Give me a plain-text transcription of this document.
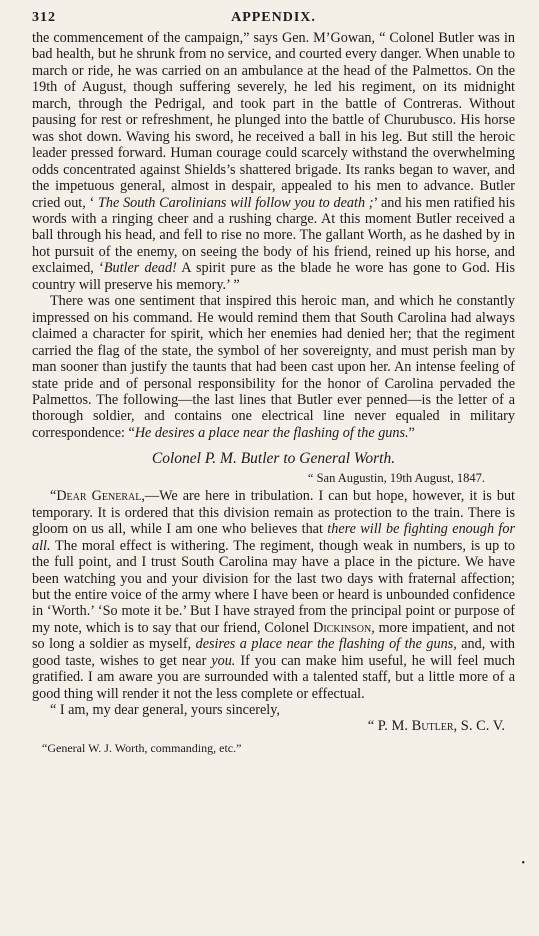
312	APPENDIX.

the commencement of the campaign,” says Gen. M’Gowan, “ Colonel Butler was in bad health, but he shrunk from no service, and courted every danger. When unable to march or ride, he was carried on an ambulance at the head of the Palmettos. On the 19th of August, though suffering severely, he led his regiment, on its midnight march, through the Pedrigal, and took part in the battle of Contreras. Without pausing for rest or refreshment, he plunged into the battle of Churubusco. His horse was shot down. Waving his sword, he received a ball in his leg. But still the heroic leader pressed forward. Human courage could scarcely withstand the overwhelming odds concentrated against Shields’s shattered brigade. Its ranks began to waver, and the impetuous general, almost in despair, appealed to his men to advance. Butler cried out, ‘ The South Carolinians will follow you to death ;’ and his men ratified his words with a ringing cheer and a rushing charge. At this moment Butler received a ball through his head, and fell to rise no more. The gallant Worth, as he dashed by in hot pursuit of the enemy, on seeing the body of his friend, reined up his horse, and exclaimed, ‘Butler dead! A spirit pure as the blade he wore has gone to God. His country will preserve his memory.’ ”

There was one sentiment that inspired this heroic man, and which he constantly impressed on his command. He would remind them that South Carolina had always claimed a character for spirit, which her enemies had denied her; that the regiment carried the flag of the state, the symbol of her sovereignty, and must perish man by man sooner than justify the taunts that had been cast upon her. An intense feeling of state pride and of personal responsibility for the honor of Carolina pervaded the Palmettos. The following—the last lines that Butler ever penned—is the letter of a thorough soldier, and contains one electrical line never equaled in military correspondence: “He desires a place near the flashing of the guns.”

Colonel P. M. Butler to General Worth.
“ San Augustin, 19th August, 1847.

“Dear General,—We are here in tribulation. I can but hope, however, it is but temporary. It is ordered that this division remain as protection to the train. There is gloom on us all, while I am one who believes that there will be fighting enough for all. The moral effect is withering. The regiment, though weak in numbers, is up to the full point, and I trust South Carolina may have a place in the picture. We have been watching you and your division for the last two days with fraternal affection; but the entire voice of the army where I have been or heard is unbounded confidence in ‘Worth.’ ‘So mote it be.’ But I have strayed from the principal point or purpose of my note, which is to say that our friend, Colonel Dickinson, more impatient, and not so long a soldier as myself, desires a place near the flashing of the guns, and, with good taste, wishes to get near you. If you can make him useful, he will feel much gratified. I am aware you are surrounded with a talented staff, but a little more of a good thing will render it not the less complete or effectual.

“ I am, my dear general, yours sincerely,

“ P. M. Butler, S. C. V.
“General W. J. Worth, commanding, etc.”
•
